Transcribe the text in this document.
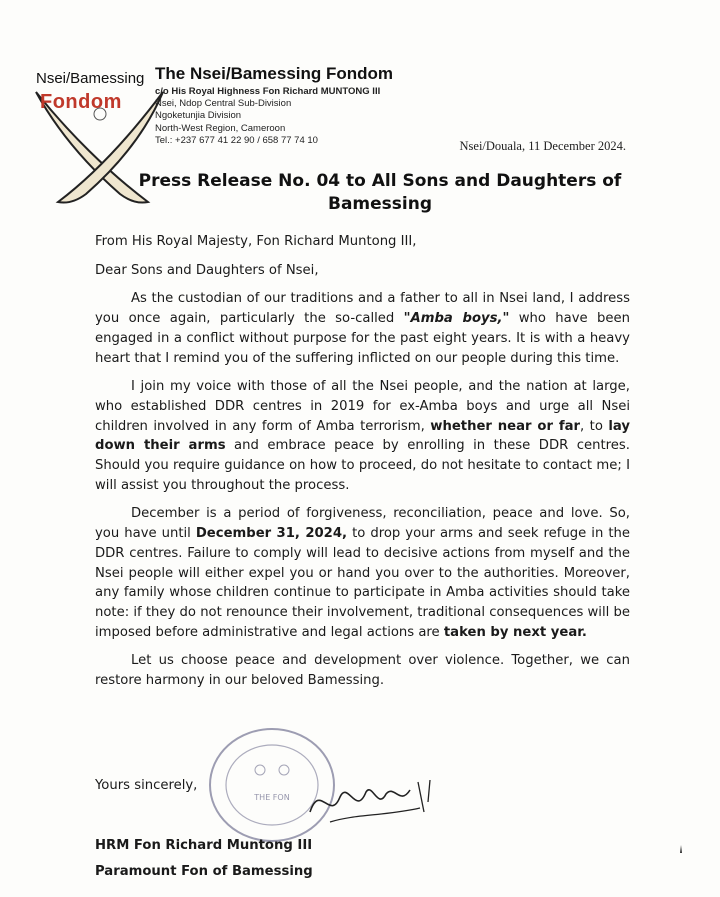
Nsei/Bamessing
Fondom
The Nsei/Bamessing Fondom
c/o His Royal Highness Fon Richard MUNTONG III
Nsei, Ndop Central Sub-Division
Ngoketunjia Division
North-West Region, Cameroon
Tel.: +237 677 41 22 90 / 658 77 74 10	Nsei/Douala, 11 December 2024.
Press Release No. 04 to All Sons and Daughters of
Bamessing

From His Royal Majesty, Fon Richard Muntong III,

Dear Sons and Daughters of Nsei,

As the custodian of our traditions and a father to all in Nsei land, I address you once again, particularly the so-called "Amba boys," who have been engaged in a conflict without purpose for the past eight years. It is with a heavy heart that I remind you of the suffering inflicted on our people during this time.

I join my voice with those of all the Nsei people, and the nation at large, who established DDR centres in 2019 for ex-Amba boys and urge all Nsei children involved in any form of Amba terrorism, whether near or far, to lay down their arms and embrace peace by enrolling in these DDR centres. Should you require guidance on how to proceed, do not hesitate to contact me; I will assist you throughout the process.

December is a period of forgiveness, reconciliation, peace and love. So, you have until December 31, 2024, to drop your arms and seek refuge in the DDR centres. Failure to comply will lead to decisive actions from myself and the Nsei people will either expel you or hand you over to the authorities. Moreover, any family whose children continue to participate in Amba activities should take note: if they do not renounce their involvement, traditional consequences will be imposed before administrative and legal actions are taken by next year.

Let us choose peace and development over violence. Together, we can restore harmony in our beloved Bamessing.

THE FON
Yours sincerely,
HRM Fon Richard Muntong III
Paramount Fon of Bamessing
